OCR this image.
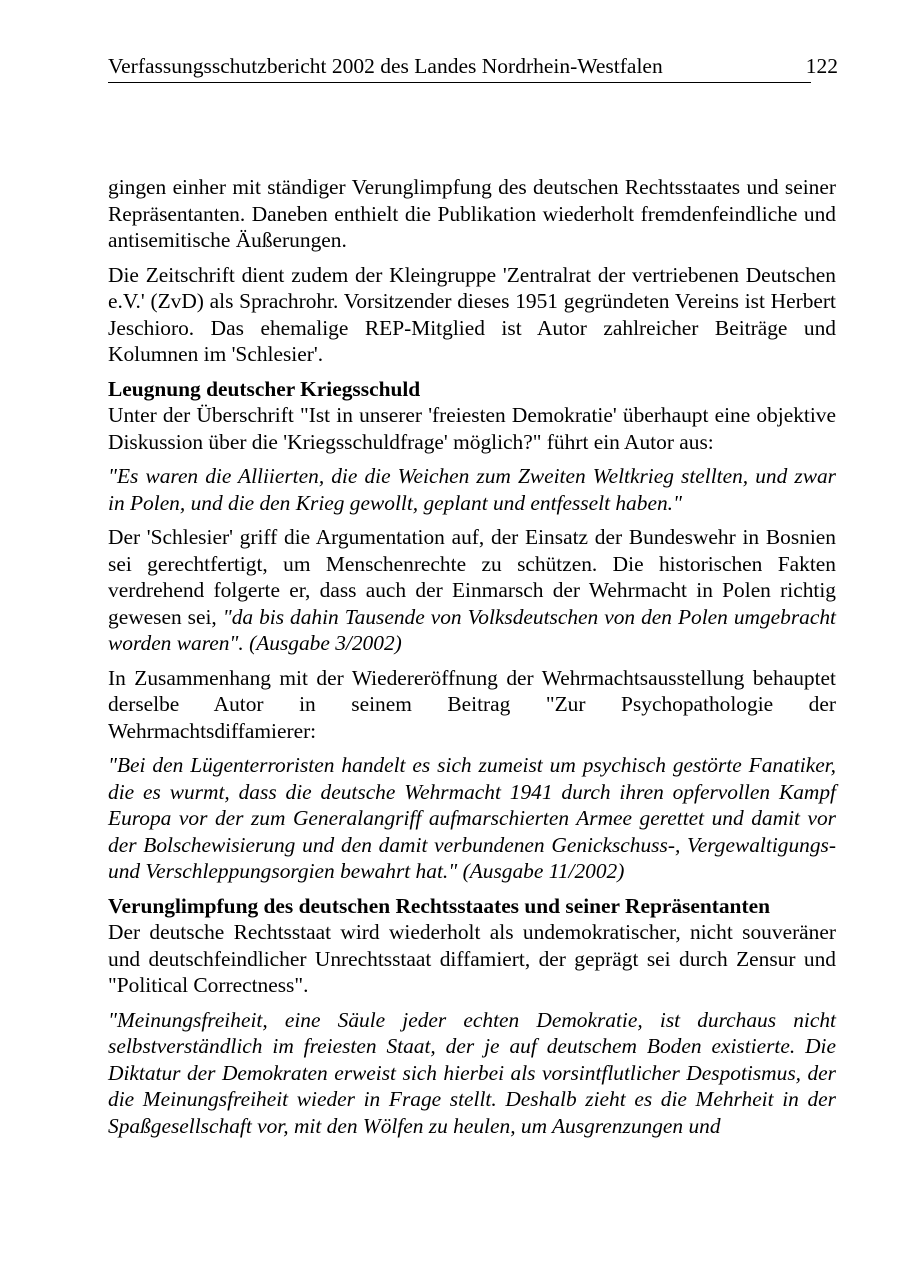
Verfassungsschutzbericht 2002 des Landes Nordrhein-Westfalen	122

gingen einher mit ständiger Verunglimpfung des deutschen Rechtsstaates und seiner Repräsentanten. Daneben enthielt die Publikation wiederholt fremdenfeindliche und antisemitische Äußerungen.

Die Zeitschrift dient zudem der Kleingruppe 'Zentralrat der vertriebenen Deutschen e.V.' (ZvD) als Sprachrohr. Vorsitzender dieses 1951 gegründeten Vereins ist Herbert Jeschioro. Das ehemalige REP-Mitglied ist Autor zahlreicher Beiträge und Kolumnen im 'Schlesier'.

Leugnung deutscher Kriegsschuld

Unter der Überschrift "Ist in unserer 'freiesten Demokratie' überhaupt eine objektive Diskussion über die 'Kriegsschuldfrage' möglich?" führt ein Autor aus:

"Es waren die Alliierten, die die Weichen zum Zweiten Weltkrieg stellten, und zwar in Polen, und die den Krieg gewollt, geplant und entfesselt haben."

Der 'Schlesier' griff die Argumentation auf, der Einsatz der Bundeswehr in Bosnien sei gerechtfertigt, um Menschenrechte zu schützen. Die historischen Fakten verdrehend folgerte er, dass auch der Einmarsch der Wehrmacht in Polen richtig gewesen sei, "da bis dahin Tausende von Volksdeutschen von den Polen umgebracht worden waren". (Ausgabe 3/2002)

In Zusammenhang mit der Wiedereröffnung der Wehrmachtsausstellung behauptet derselbe Autor in seinem Beitrag "Zur Psychopathologie der Wehrmachtsdiffamierer:

"Bei den Lügenterroristen handelt es sich zumeist um psychisch gestörte Fanatiker, die es wurmt, dass die deutsche Wehrmacht 1941 durch ihren opfervollen Kampf Europa vor der zum Generalangriff aufmarschierten Armee gerettet und damit vor der Bolschewisierung und den damit verbundenen Genickschuss-, Vergewaltigungs- und Verschleppungsorgien bewahrt hat." (Ausgabe 11/2002)

Verunglimpfung des deutschen Rechtsstaates und seiner Repräsentanten

Der deutsche Rechtsstaat wird wiederholt als undemokratischer, nicht souveräner und deutschfeindlicher Unrechtsstaat diffamiert, der geprägt sei durch Zensur und "Political Correctness".

"Meinungsfreiheit, eine Säule jeder echten Demokratie, ist durchaus nicht selbstverständlich im freiesten Staat, der je auf deutschem Boden existierte. Die Diktatur der Demokraten erweist sich hierbei als vorsintflutlicher Despotismus, der die Meinungsfreiheit wieder in Frage stellt. Deshalb zieht es die Mehrheit in der Spaßgesellschaft vor, mit den Wölfen zu heulen, um Ausgrenzungen und
